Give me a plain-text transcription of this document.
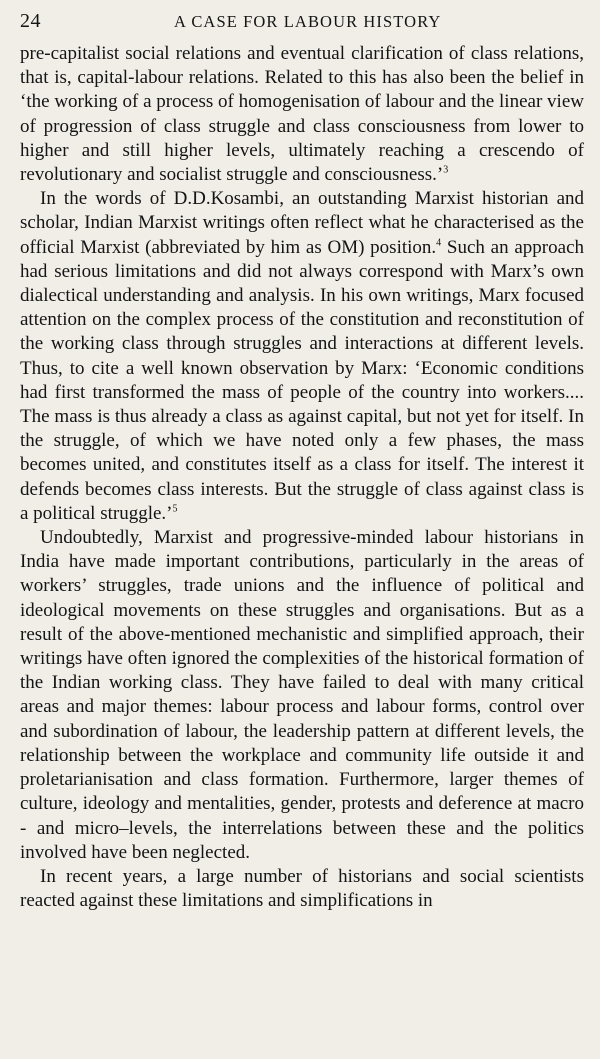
24	A CASE FOR LABOUR HISTORY

pre-capitalist social relations and eventual clarification of class relations, that is, capital-labour relations. Related to this has also been the belief in ‘the working of a process of homogenisation of labour and the linear view of progression of class struggle and class consciousness from lower to higher and still higher levels, ultimately reaching a crescendo of revolutionary and socialist struggle and consciousness.’$^3$

In the words of D.D.Kosambi, an outstanding Marxist historian and scholar, Indian Marxist writings often reflect what he characterised as the official Marxist (abbreviated by him as OM) position.$^4$ Such an approach had serious limitations and did not always correspond with Marx’s own dialectical understanding and analysis. In his own writings, Marx focused attention on the complex process of the constitution and reconstitution of the working class through struggles and interactions at different levels. Thus, to cite a well known observation by Marx: ‘Economic conditions had first transformed the mass of people of the country into workers.... The mass is thus already a class as against capital, but not yet for itself. In the struggle, of which we have noted only a few phases, the mass becomes united, and constitutes itself as a class for itself. The interest it defends becomes class interests. But the struggle of class against class is a political struggle.’$^5$

Undoubtedly, Marxist and progressive-minded labour historians in India have made important contributions, particularly in the areas of workers’ struggles, trade unions and the influence of political and ideological movements on these struggles and organisations. But as a result of the above-mentioned mechanistic and simplified approach, their writings have often ignored the complexities of the historical formation of the Indian working class. They have failed to deal with many critical areas and major themes: labour process and labour forms, control over and subordination of labour, the leadership pattern at different levels, the relationship between the workplace and community life outside it and proletarianisation and class formation. Furthermore, larger themes of culture, ideology and mentalities, gender, protests and deference at macro - and micro–levels, the interrelations between these and the politics involved have been neglected.

In recent years, a large number of historians and social scientists reacted against these limitations and simplifications in
